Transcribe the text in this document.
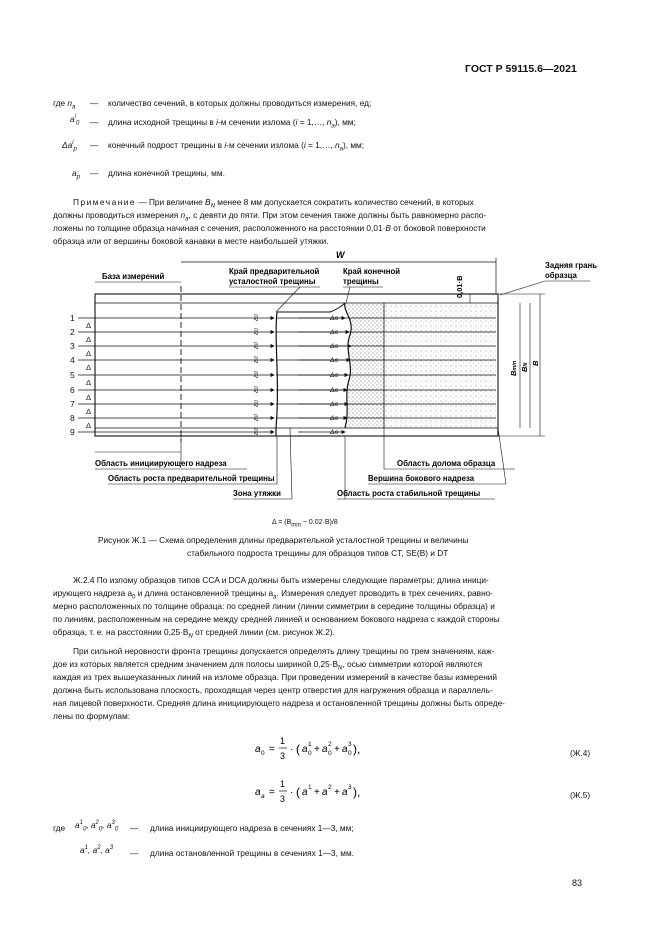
ГОСТ Р 59115.6—2021
где $n_a$ — количество сечений, в которых должны проводиться измерения, ед;
$a^i_0$ — длина исходной трещины в i-м сечении излома (i = 1,…, $n_a$), мм;
$\Delta a^i_p$ — конечный подрост трещины в i-м сечении излома (i = 1,…, $n_a$), мм;
$a_p$ — длина конечной трещины, мм.
Примечание — При величине $B_N$ менее 8 мм допускается сократить количество сечений, в которых
должны проводиться измерения $n_a$, с девяти до пяти. При этом сечения также должны быть равномерно распо-
ложены по толщине образца начиная с сечения, расположенного на расстоянии 0,01·B от боковой поверхности
образца или от вершины боковой канавки в месте наибольшей утяжки.
1
2
3
4
5
6
7
8
9
Δ
Δ
Δ
Δ
Δ
Δ
Δ
Δ
a0
a0
a0
a0
a0
a0
a0
a0
a0
Δa
Δa
Δa
Δa
Δa
Δa
Δa
Δa
Δa
База измерений
Край предварительной
усталостной трещины
Край конечной
трещины
Задняя грань
образца
W
0,01·B
Bmin BN B
Область инициирующего надреза
Область роста предварительной трещины
Зона утяжки	Область роста стабильной трещины
Область долома образца
Вершина бокового надреза
$\Delta = (B_{min} - 0.02\cdot B)/8$
Рисунок Ж.1 — Схема определения длины предварительной усталостной трещины и величины
стабильного подроста трещины для образцов типов CT, SE(B) и DT
Ж.2.4 По излому образцов типов CCA и DCA должны быть измерены следующие параметры: длина иници-
ирующего надреза $a_0$ и длина остановленной трещины $a_a$. Измерения следует проводить в трех сечениях, равно-
мерно расположенных по толщине образца: по средней линии (линии симметрии в середине толщины образца) и
по линиям, расположенным на середине между средней линией и основанием бокового надреза с каждой стороны
образца, т. е. на расстоянии $0,25\cdot B_N$ от средней линии (см. рисунок Ж.2).
При сильной неровности фронта трещины допускается определять длину трещины по трем значениям, каж-
дое из которых является средним значением для полосы шириной $0,25\cdot B_N$, осью симметрии которой являются
каждая из трех вышеуказанных линий на изломе образца. При проведении измерений в качестве базы измерений
должна быть использована плоскость, проходящая через центр отверстия для нагружения образца и параллель-
ная лицевой поверхности. Средняя длина инициирующего надреза и остановленной трещины должны быть опреде-
лены по формулам:
a 0 =
1
3
· ( a 1
0 + a 2
0 + a 3
0 ),	(Ж.4)
a a =
1
3
· ( a 1 + a 2 + a 3 ),	(Ж.5)
где $a^1_0$, $a^2_0$, $a^3_0$ — длина инициирующего надреза в сечениях 1—3, мм;
$a^1$, $a^2$, $a^3$ — длина остановленной трещины в сечениях 1—3, мм.
83
